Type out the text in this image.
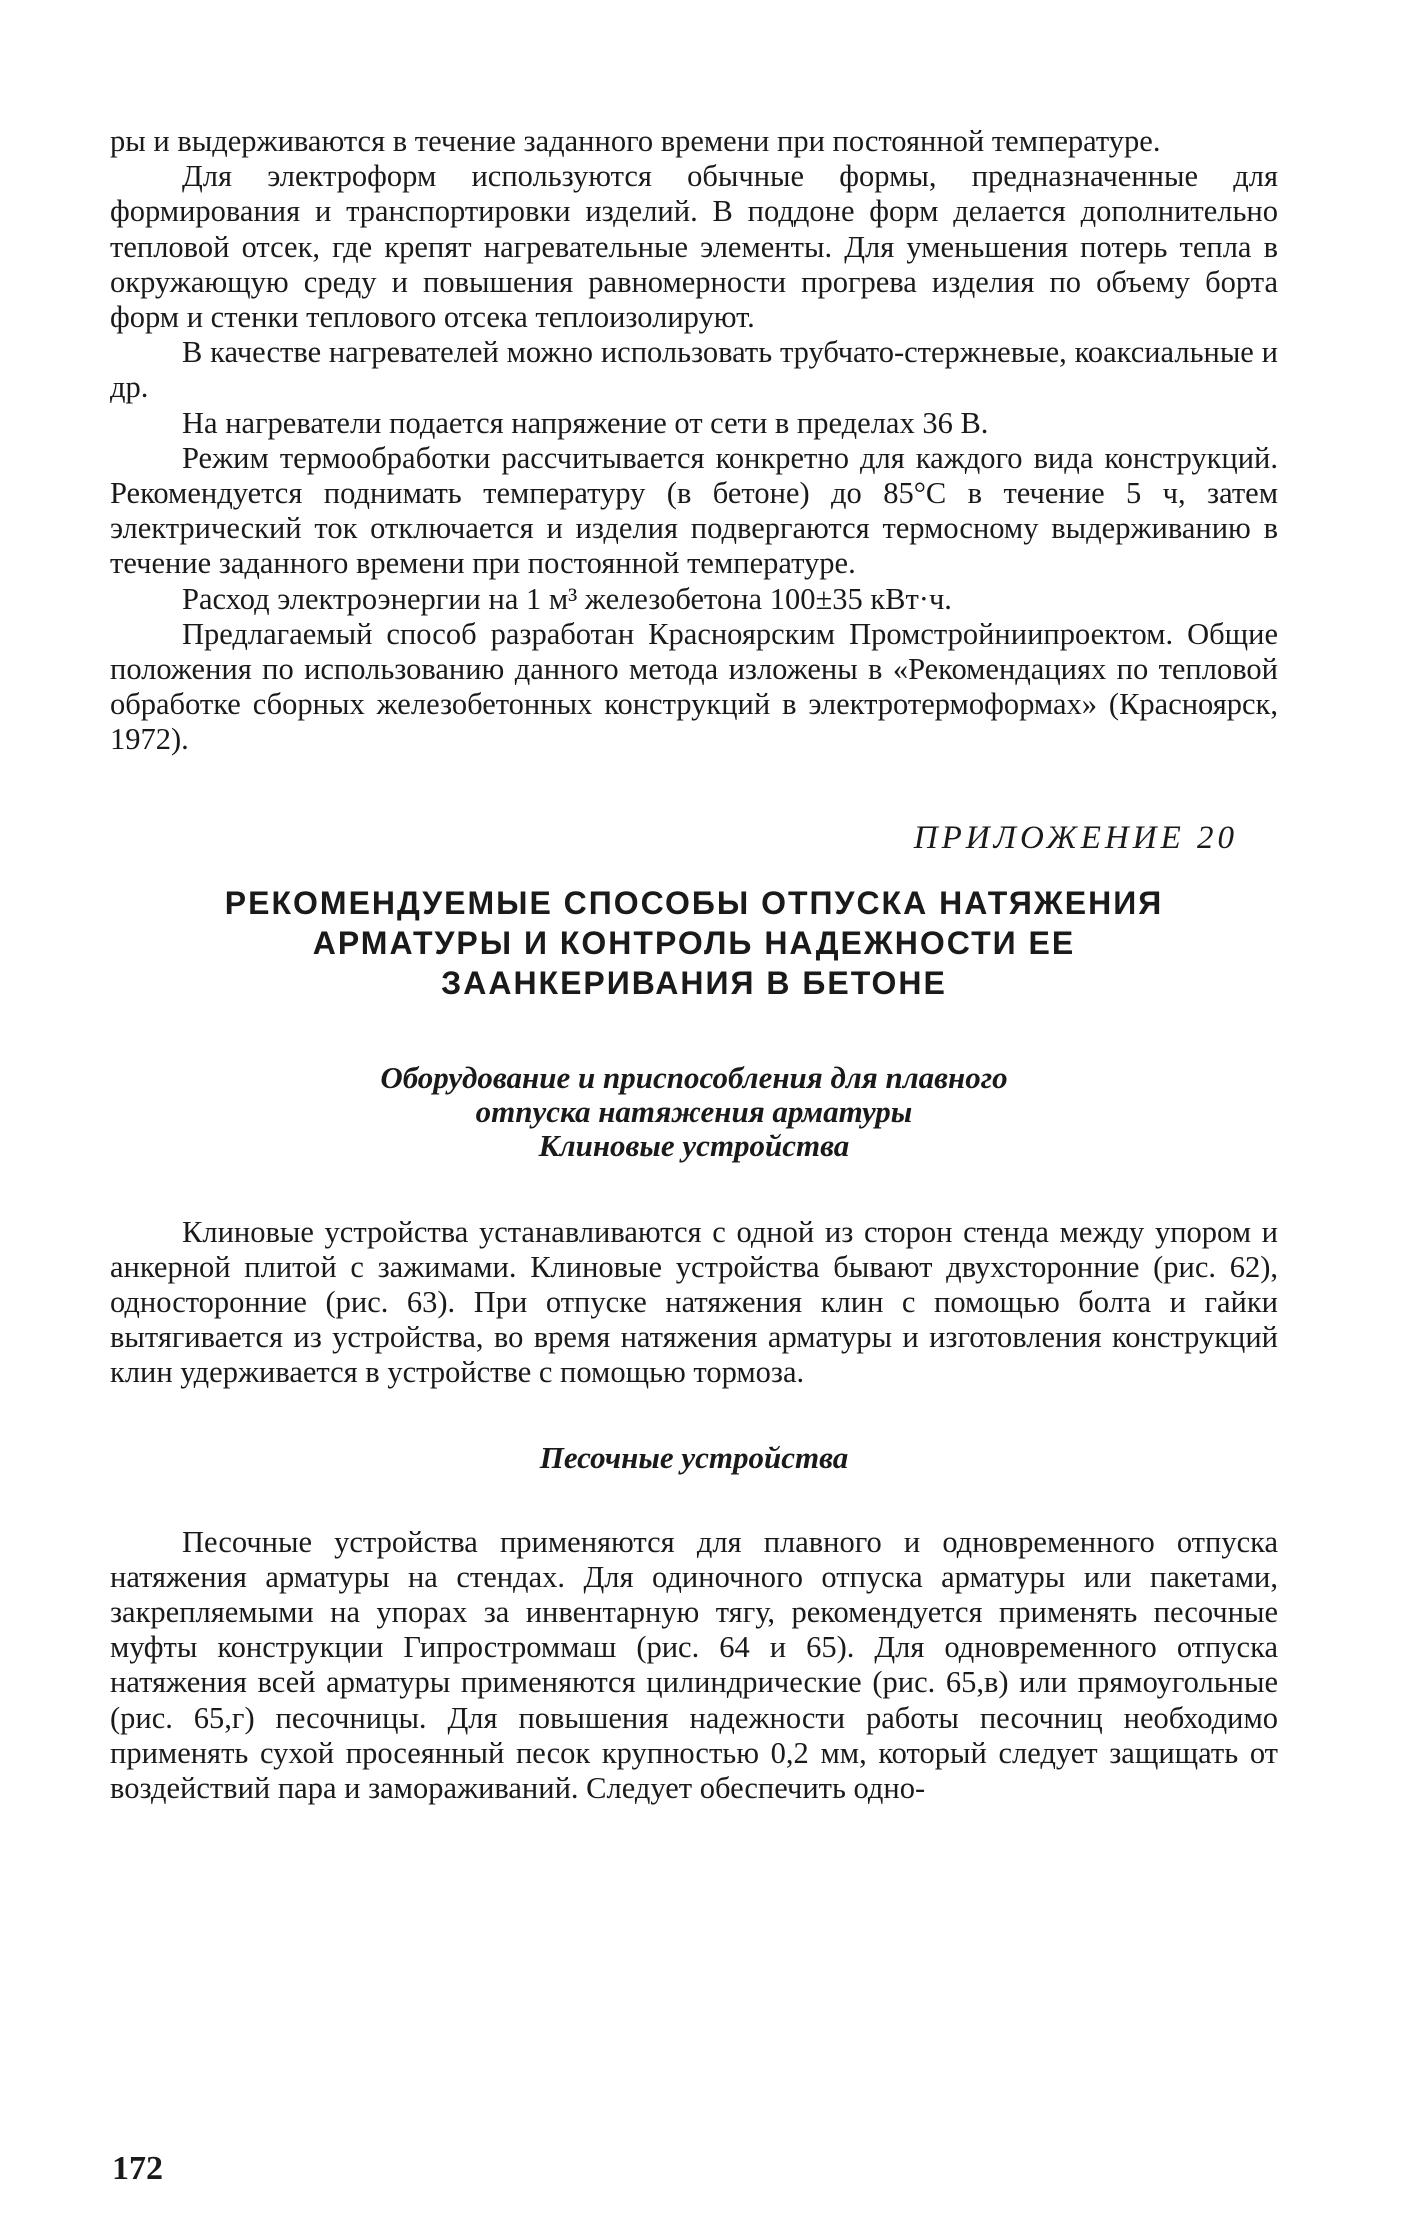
ры и выдерживаются в течение заданного времени при постоянной температуре.

Для электроформ используются обычные формы, предназначенные для формирования и транспортировки изделий. В поддоне форм делается дополнительно тепловой отсек, где крепят нагревательные элементы. Для уменьшения потерь тепла в окружающую среду и повышения равномерности прогрева изделия по объему борта форм и стенки теплового отсека теплоизолируют.

В качестве нагревателей можно использовать трубчато-стержневые, коаксиальные и др.

На нагреватели подается напряжение от сети в пределах 36 В.

Режим термообработки рассчитывается конкретно для каждого вида конструкций. Рекомендуется поднимать температуру (в бетоне) до 85°С в течение 5 ч, затем электрический ток отключается и изделия подвергаются термосному выдерживанию в течение заданного времени при постоянной температуре.

Расход электроэнергии на 1 м³ железобетона 100±35 кВт·ч.

Предлагаемый способ разработан Красноярским Промстройниипроектом. Общие положения по использованию данного метода изложены в «Рекомендациях по тепловой обработке сборных железобетонных конструкций в электротермоформах» (Красноярск, 1972).

ПРИЛОЖЕНИЕ 20

РЕКОМЕНДУЕМЫЕ СПОСОБЫ ОТПУСКА НАТЯЖЕНИЯ
АРМАТУРЫ И КОНТРОЛЬ НАДЕЖНОСТИ ЕЕ
ЗААНКЕРИВАНИЯ В БЕТОНЕ
Оборудование и приспособления для плавного
отпуска натяжения арматуры
Клиновые устройства

Клиновые устройства устанавливаются с одной из сторон стенда между упором и анкерной плитой с зажимами. Клиновые устройства бывают двухсторонние (рис. 62), односторонние (рис. 63). При отпуске натяжения клин с помощью болта и гайки вытягивается из устройства, во время натяжения арматуры и изготовления конструкций клин удерживается в устройстве с помощью тормоза.

Песочные устройства

Песочные устройства применяются для плавного и одновременного отпуска натяжения арматуры на стендах. Для одиночного отпуска арматуры или пакетами, закрепляемыми на упорах за инвентарную тягу, рекомендуется применять песочные муфты конструкции Гипростроммаш (рис. 64 и 65). Для одновременного отпуска натяжения всей арматуры применяются цилиндрические (рис. 65,в) или прямоугольные (рис. 65,г) песочницы. Для повышения надежности работы песочниц необходимо применять сухой просеянный песок крупностью 0,2 мм, который следует защищать от воздействий пара и замораживаний. Следует обеспечить одно-

172
